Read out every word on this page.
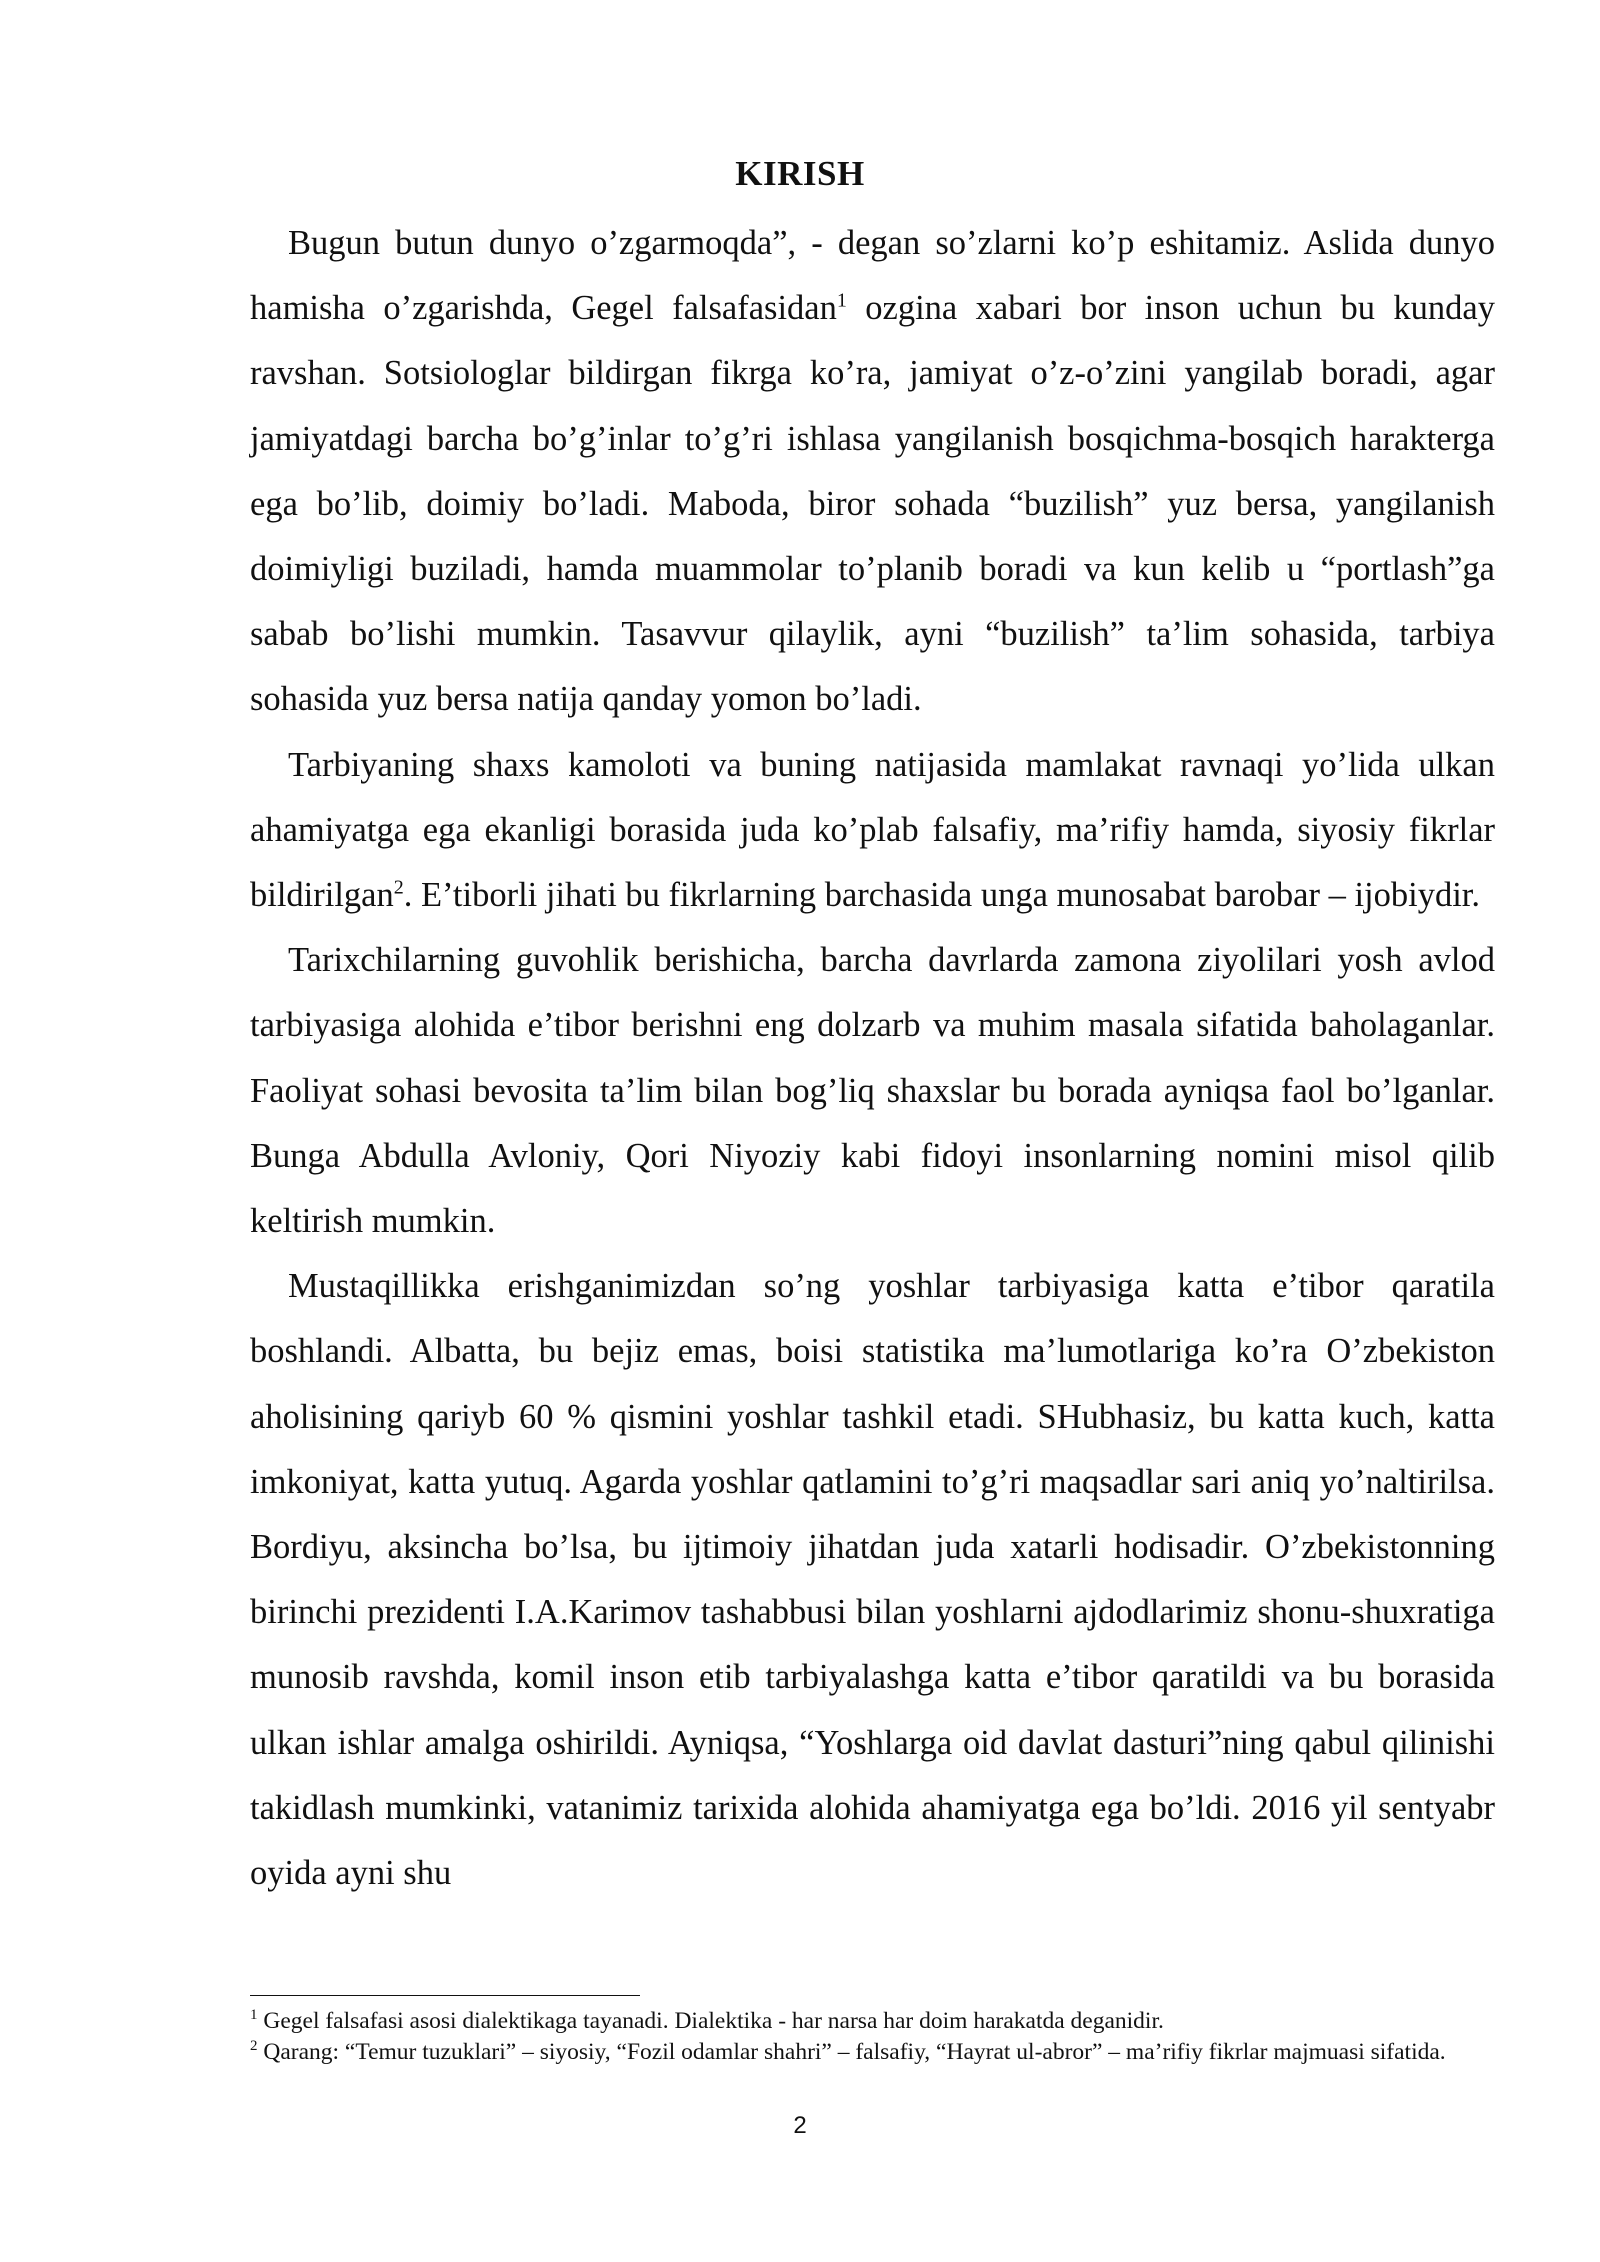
KIRISH

Bugun butun dunyo o’zgarmoqda”, - degan so’zlarni ko’p eshitamiz. Aslida dunyo hamisha o’zgarishda, Gegel falsafasidan$^1$ ozgina xabari bor inson uchun bu kunday ravshan. Sotsiologlar bildirgan fikrga ko’ra, jamiyat o’z-o’zini yangilab boradi, agar jamiyatdagi barcha bo’g’inlar to’g’ri ishlasa yangilanish bosqichma-bosqich harakterga ega bo’lib, doimiy bo’ladi. Maboda, biror sohada “buzilish” yuz bersa, yangilanish doimiyligi buziladi, hamda muammolar to’planib boradi va kun kelib u “portlash”ga sabab bo’lishi mumkin. Tasavvur qilaylik, ayni “buzilish” ta’lim sohasida, tarbiya sohasida yuz bersa natija qanday yomon bo’ladi.

Tarbiyaning shaxs kamoloti va buning natijasida mamlakat ravnaqi yo’lida ulkan ahamiyatga ega ekanligi borasida juda ko’plab falsafiy, ma’rifiy hamda, siyosiy fikrlar bildirilgan$^2$. E’tiborli jihati bu fikrlarning barchasida unga munosabat barobar – ijobiydir.

Tarixchilarning guvohlik berishicha, barcha davrlarda zamona ziyolilari yosh avlod tarbiyasiga alohida e’tibor berishni eng dolzarb va muhim masala sifatida baholaganlar. Faoliyat sohasi bevosita ta’lim bilan bog’liq shaxslar bu borada ayniqsa faol bo’lganlar. Bunga Abdulla Avloniy, Qori Niyoziy kabi fidoyi insonlarning nomini misol qilib keltirish mumkin.

Mustaqillikka erishganimizdan so’ng yoshlar tarbiyasiga katta e’tibor qaratila boshlandi. Albatta, bu bejiz emas, boisi statistika ma’lumotlariga ko’ra O’zbekiston aholisining qariyb 60 % qismini yoshlar tashkil etadi. SHubhasiz, bu katta kuch, katta imkoniyat, katta yutuq. Agarda yoshlar qatlamini to’g’ri maqsadlar sari aniq yo’naltirilsa. Bordiyu, aksincha bo’lsa, bu ijtimoiy jihatdan juda xatarli hodisadir. O’zbekistonning birinchi prezidenti I.A.Karimov tashabbusi bilan yoshlarni ajdodlarimiz shonu-shuxratiga munosib ravshda, komil inson etib tarbiyalashga katta e’tibor qaratildi va bu borasida ulkan ishlar amalga oshirildi. Ayniqsa, “Yoshlarga oid davlat dasturi”ning qabul qilinishi takidlash mumkinki, vatanimiz tarixida alohida ahamiyatga ega bo’ldi. 2016 yil sentyabr oyida ayni shu

$^1$ Gegel falsafasi asosi dialektikaga tayanadi. Dialektika - har narsa har doim harakatda deganidir.

$^2$ Qarang: “Temur tuzuklari” – siyosiy, “Fozil odamlar shahri” – falsafiy, “Hayrat ul-abror” – ma’rifiy fikrlar majmuasi sifatida.

2
